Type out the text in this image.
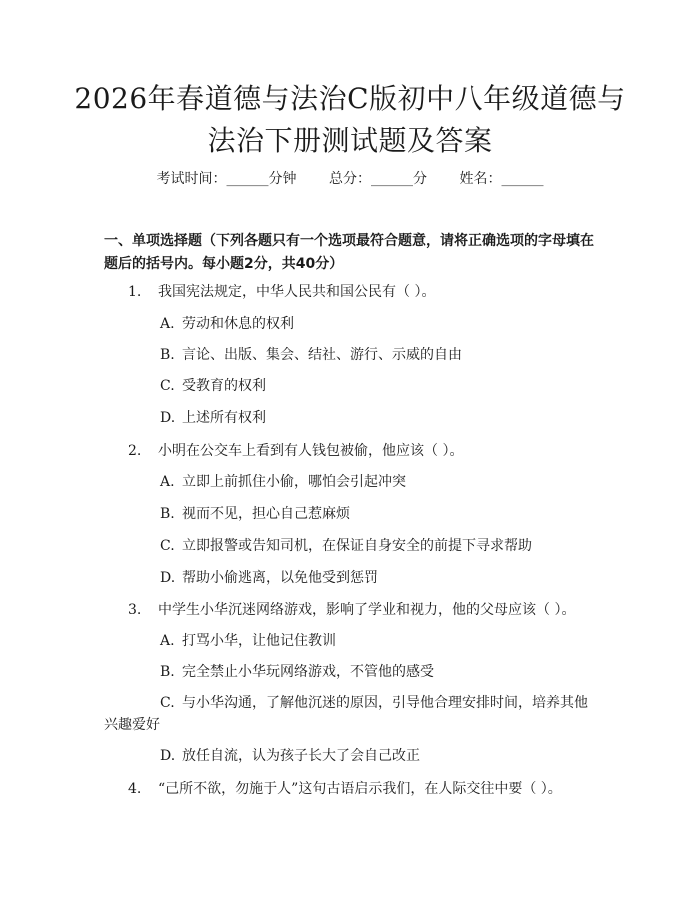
2026年春道德与法治C版初中八年级道德与
法治下册测试题及答案
考试时间：______分钟 总分：______分 姓名：______
一、单项选择题（下列各题只有一个选项最符合题意，请将正确选项的字母填在题后的括号内。每小题2分，共40分）
1. 我国宪法规定，中华人民共和国公民有（ ）。
A. 劳动和休息的权利
B. 言论、出版、集会、结社、游行、示威的自由
C. 受教育的权利
D. 上述所有权利
2. 小明在公交车上看到有人钱包被偷，他应该（ ）。
A. 立即上前抓住小偷，哪怕会引起冲突
B. 视而不见，担心自己惹麻烦
C. 立即报警或告知司机，在保证自身安全的前提下寻求帮助
D. 帮助小偷逃离，以免他受到惩罚
3. 中学生小华沉迷网络游戏，影响了学业和视力，他的父母应该（ ）。
A. 打骂小华，让他记住教训
B. 完全禁止小华玩网络游戏，不管他的感受
C. 与小华沟通，了解他沉迷的原因，引导他合理安排时间，培养其他兴趣爱好
D. 放任自流，认为孩子长大了会自己改正
4. “己所不欲，勿施于人”这句古语启示我们，在人际交往中要（ ）。
